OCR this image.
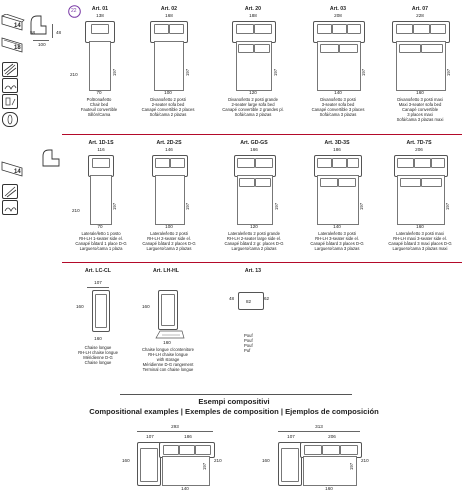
58	48
100
22
14
18
14
Art. 01
138
210	197
70
Poltrona/letto
Chair bed
Fauteuil convertible
Sillón/Cama
Art. 02
168
197
100
Divano/letto 2 posti
2-seater sofa bed
Canapé convertible 2 places
Sofá/cama 2 plazas
Art. 20
188
197
120
Divano/letto 2 posti grande
2-seater large sofa bed
Canapé convertible 2 grandes pl.
Sofá/cama 2 plazas
Art. 03
208
197
140
Divano/letto 3 posti
3-seater sofa bed
Canapé convertible 3 places
Sofá/cama 3 plazas
Art. 07
228
197
160
Divano/letto 3 posti maxi
Maxi 3-seater sofa bed
Canapé convertible
3 places maxi
Sofá/cama 3 plazas maxi
Art. 1D-1S
116
210
197
70
Laterale/letto 1 posto
RH-LH 1-seater side el.
Canapé bâtard 1 place D-G
Larguero/cama 1 plaza
Art. 2D-2S
146
197
100
Laterale/letto 2 posti
RH-LH 2-seater side el.
Canapé bâtard 2 places D-G
Larguero/cama 2 plazas
Art. GD-GS
166
197
120
Laterale/letto 2 posti grande
RH-LH 2-seater large side el.
Canapé bâtard 2 gr. places D-G
Larguero/cama 2 plazas
Art. 3D-3S
186
197
140
Laterale/letto 3 posti
RH-LH 3-seater side el.
Canapé bâtard 3 places D-G
Larguero/cama 3 plazas
Art. 7D-7S
206
197
160
Laterale/letto 3 posti maxi
RH-LH maxi 3-seater side el.
Canapé bâtard 3 maxi places D-G
Larguero/cama 3 plazas maxi
Art. LC-CL
107
160
160
Chaise longue
RH-LH chaise longue
Méridienne D-G
Chaise longue
Art. LH-HL
160
160
Chaise longue c/contenitore
RH-LH chaise longue
with storage
Méridienne D-G rangement
Terminal con chaise longue
Art. 13
48
82
62
Pouf
Pouf
Pouf
Puf
Esempi compositivi
Compositional examples | Exemples de composition | Ejemplos de composición
293
107	186
160	210
197
140
313
107	206
160	210
197
160
